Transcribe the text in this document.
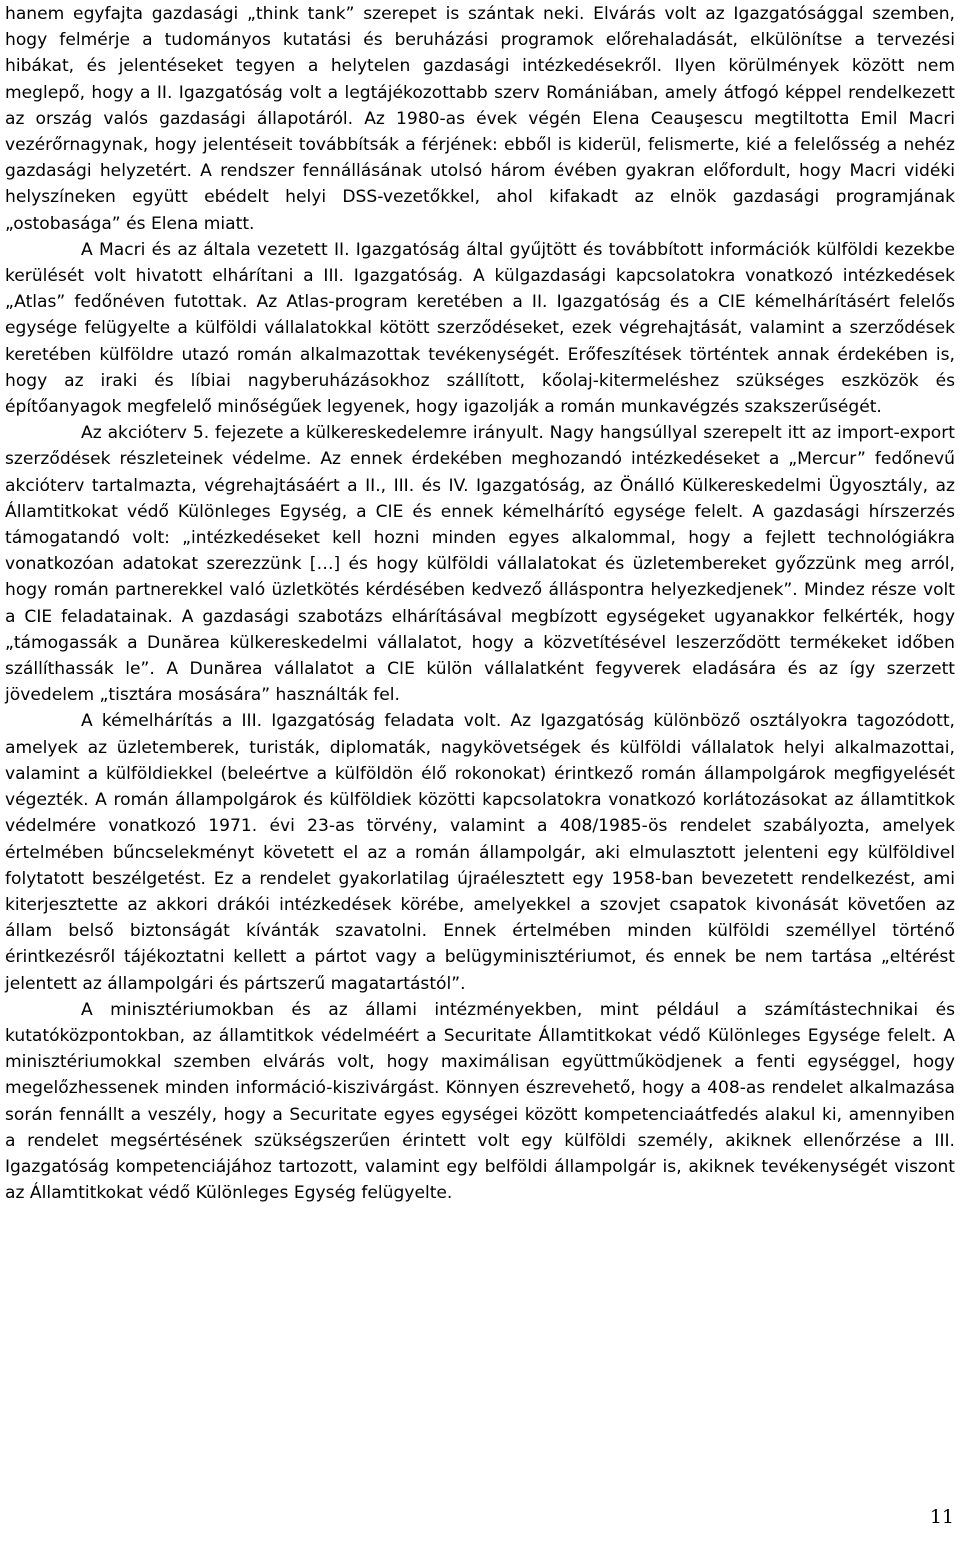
hanem egyfajta gazdasági „think tank” szerepet is szántak neki. Elvárás volt az Igazgatósággal szemben, hogy felmérje a tudományos kutatási és beruházási programok előrehaladását, elkülönítse a tervezési hibákat, és jelentéseket tegyen a helytelen gazdasági intézkedésekről. Ilyen körülmények között nem meglepő, hogy a II. Igazgatóság volt a legtájékozottabb szerv Romániában, amely átfogó képpel rendelkezett az ország valós gazdasági állapotáról. Az 1980-as évek végén Elena Ceauşescu megtiltotta Emil Macri vezérőrnagynak, hogy jelentéseit továbbítsák a férjének: ebből is kiderül, felismerte, kié a felelősség a nehéz gazdasági helyzetért. A rendszer fennállásának utolsó három évében gyakran előfordult, hogy Macri vidéki helyszíneken együtt ebédelt helyi DSS-vezetőkkel, ahol kifakadt az elnök gazdasági programjának „ostobasága” és Elena miatt.

A Macri és az általa vezetett II. Igazgatóság által gyűjtött és továbbított információk külföldi kezekbe kerülését volt hivatott elhárítani a III. Igazgatóság. A külgazdasági kapcsolatokra vonatkozó intézkedések „Atlas” fedőnéven futottak. Az Atlas-program keretében a II. Igazgatóság és a CIE kémelhárításért felelős egysége felügyelte a külföldi vállalatokkal kötött szerződéseket, ezek végrehajtását, valamint a szerződések keretében külföldre utazó román alkalmazottak tevékenységét. Erőfeszítések történtek annak érdekében is, hogy az iraki és líbiai nagyberuházásokhoz szállított, kőolaj-kitermeléshez szükséges eszközök és építőanyagok megfelelő minőségűek legyenek, hogy igazolják a román munkavégzés szakszerűségét.

Az akcióterv 5. fejezete a külkereskedelemre irányult. Nagy hangsúllyal szerepelt itt az import-export szerződések részleteinek védelme. Az ennek érdekében meghozandó intézkedéseket a „Mercur” fedőnevű akcióterv tartalmazta, végrehajtásáért a II., III. és IV. Igazgatóság, az Önálló Külkereskedelmi Ügyosztály, az Államtitkokat védő Különleges Egység, a CIE és ennek kémelhárító egysége felelt. A gazdasági hírszerzés támogatandó volt: „intézkedéseket kell hozni minden egyes alkalommal, hogy a fejlett technológiákra vonatkozóan adatokat szerezzünk […] és hogy külföldi vállalatokat és üzletembereket győzzünk meg arról, hogy román partnerekkel való üzletkötés kérdésében kedvező álláspontra helyezkedjenek”. Mindez része volt a CIE feladatainak. A gazdasági szabotázs elhárításával megbízott egységeket ugyanakkor felkérték, hogy „támogassák a Dunărea külkereskedelmi vállalatot, hogy a közvetítésével leszerződött termékeket időben szállíthassák le”. A Dunărea vállalatot a CIE külön vállalatként fegyverek eladására és az így szerzett jövedelem „tisztára mosására” használták fel.

A kémelhárítás a III. Igazgatóság feladata volt. Az Igazgatóság különböző osztályokra tagozódott, amelyek az üzletemberek, turisták, diplomaták, nagykövetségek és külföldi vállalatok helyi alkalmazottai, valamint a külföldiekkel (beleértve a külföldön élő rokonokat) érintkező román állampolgárok megfigyelését végezték. A román állampolgárok és külföldiek közötti kapcsolatokra vonatkozó korlátozásokat az államtitkok védelmére vonatkozó 1971. évi 23-as törvény, valamint a 408/1985-ös rendelet szabályozta, amelyek értelmében bűncselekményt követett el az a román állampolgár, aki elmulasztott jelenteni egy külföldivel folytatott beszélgetést. Ez a rendelet gyakorlatilag újraélesztett egy 1958-ban bevezetett rendelkezést, ami kiterjesztette az akkori drákói intézkedések körébe, amelyekkel a szovjet csapatok kivonását követően az állam belső biztonságát kívánták szavatolni. Ennek értelmében minden külföldi személlyel történő érintkezésről tájékoztatni kellett a pártot vagy a belügyminisztériumot, és ennek be nem tartása „eltérést jelentett az állampolgári és pártszerű magatartástól”.

A minisztériumokban és az állami intézményekben, mint például a számítástechnikai és kutatóközpontokban, az államtitkok védelméért a Securitate Államtitkokat védő Különleges Egysége felelt. A minisztériumokkal szemben elvárás volt, hogy maximálisan együttműködjenek a fenti egységgel, hogy megelőzhessenek minden információ-kiszivárgást. Könnyen észrevehető, hogy a 408-as rendelet alkalmazása során fennállt a veszély, hogy a Securitate egyes egységei között kompetenciaátfedés alakul ki, amennyiben a rendelet megsértésének szükségszerűen érintett volt egy külföldi személy, akiknek ellenőrzése a III. Igazgatóság kompetenciájához tartozott, valamint egy belföldi állampolgár is, akiknek tevékenységét viszont az Államtitkokat védő Különleges Egység felügyelte.

11
